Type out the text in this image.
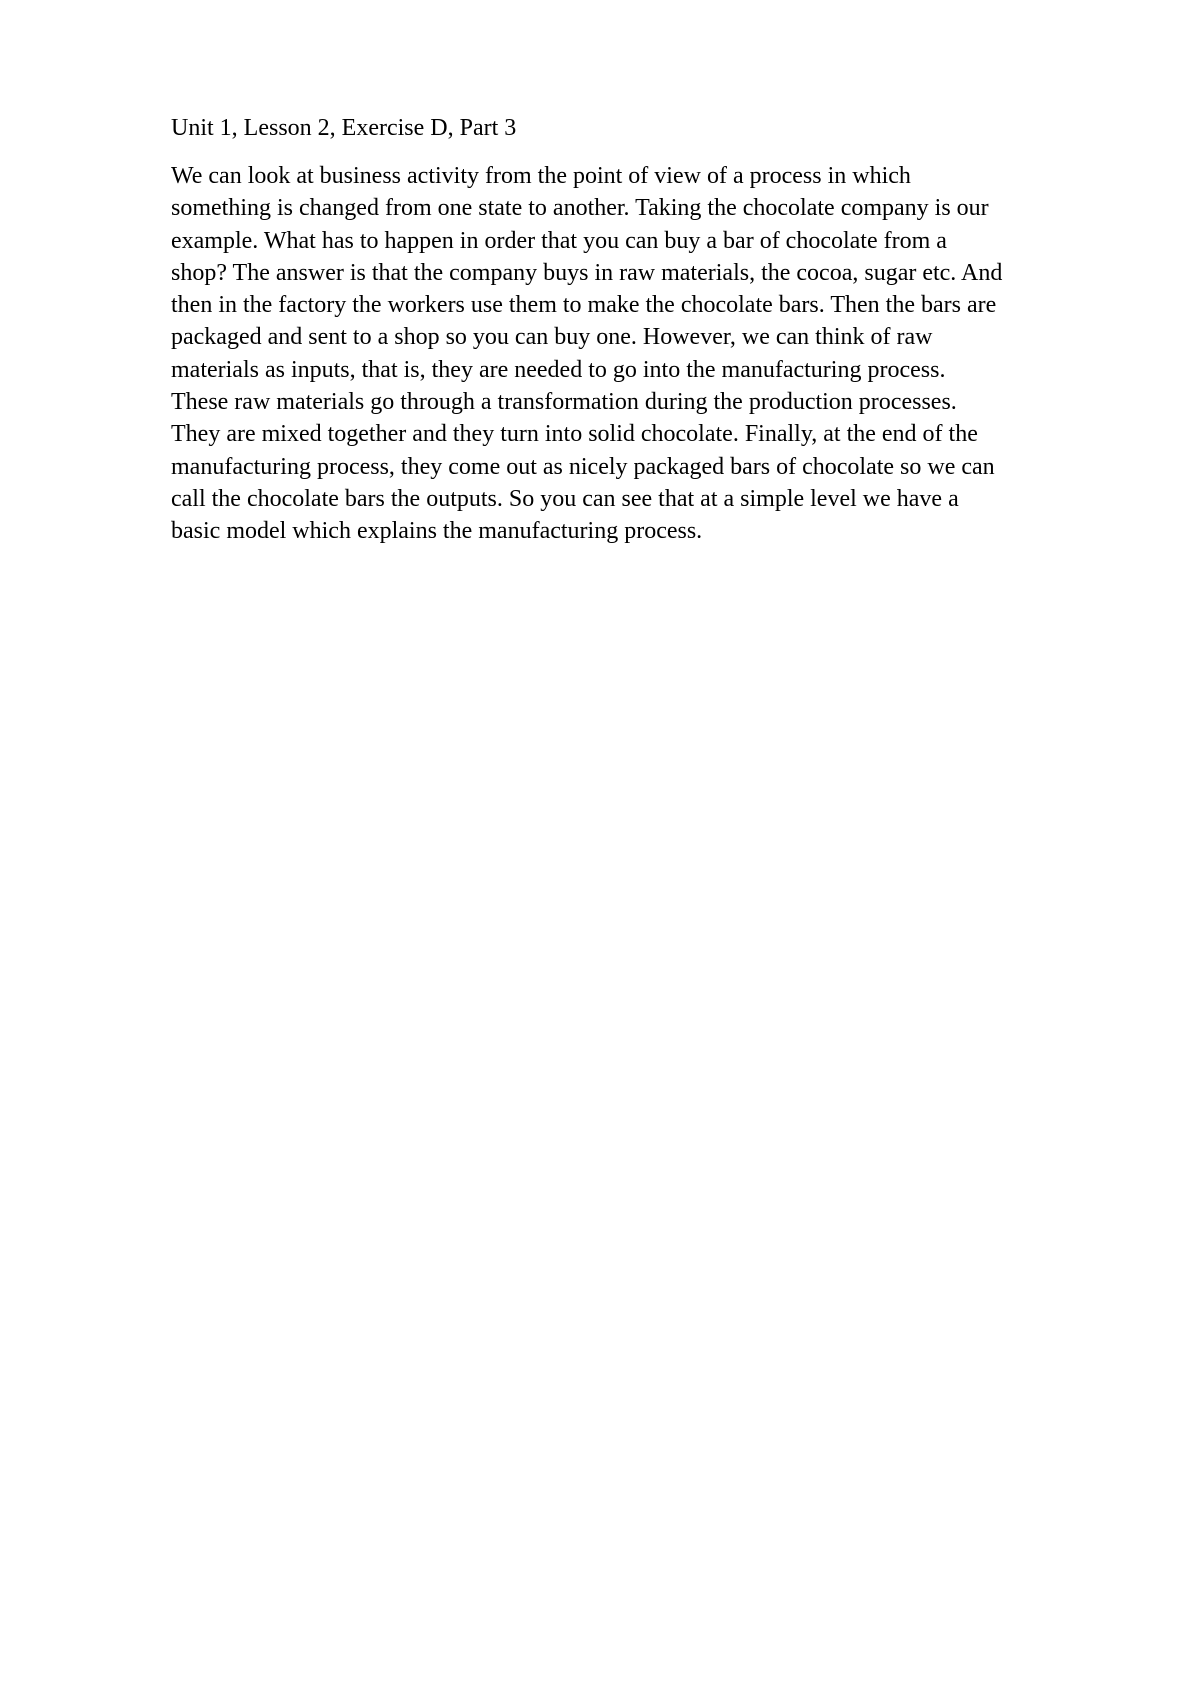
Unit 1, Lesson 2, Exercise D, Part 3

We can look at business activity from the point of view of a process in which
something is changed from one state to another. Taking the chocolate company is our
example. What has to happen in order that you can buy a bar of chocolate from a
shop? The answer is that the company buys in raw materials, the cocoa, sugar etc. And
then in the factory the workers use them to make the chocolate bars. Then the bars are
packaged and sent to a shop so you can buy one. However, we can think of raw
materials as inputs, that is, they are needed to go into the manufacturing process.
These raw materials go through a transformation during the production processes.
They are mixed together and they turn into solid chocolate. Finally, at the end of the
manufacturing process, they come out as nicely packaged bars of chocolate so we can
call the chocolate bars the outputs. So you can see that at a simple level we have a
basic model which explains the manufacturing process.
